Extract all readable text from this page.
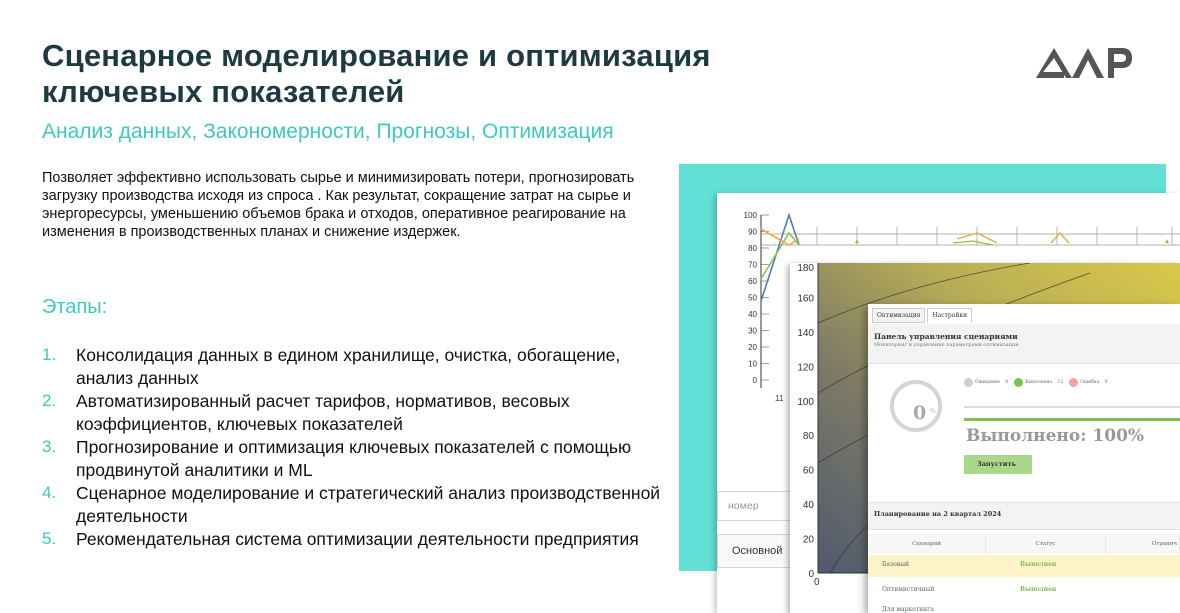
Сценарное моделирование и оптимизация ключевых показателей
Анализ данных, Закономерности, Прогнозы, Оптимизация

Позволяет эффективно использовать сырье и минимизировать потери, прогнозировать загрузку производства исходя из спроса . Как результат, сокращение затрат на сырье и энергоресурсы, уменьшению объемов брака и отходов, оперативное реагирование на изменения в производственных планах и снижение издержек.

Этапы:
1. Консолидация данных в едином хранилище, очистка, обогащение, анализ данных
2. Автоматизированный расчет тарифов, нормативов, весовых коэффициентов, ключевых показателей
3. Прогнозирование и оптимизация ключевых показателей с помощью продвинутой аналитики и ML
4. Сценарное моделирование и стратегический анализ производственной деятельности
5. Рекомендательная система оптимизации деятельности предприятия
100
90
80
70
60
50
40
30
20
10
0
11
номер
Основной
0
180
160
140
120
100
80
60
40
20
0
Оптимизация	Настройки
Панель управления сценариями
Мониторинг и управление параметрами оптимизации
0 %
Ожидание
0	Выполнено
12	Ошибка
0
Выполнено: 100%
Запустить
Планирование на 2 квартал 2024
Сценарий	Статус	Огранич
Базовый	Выполнен
Оптимистичный	Выполнен
Для маркетинга
